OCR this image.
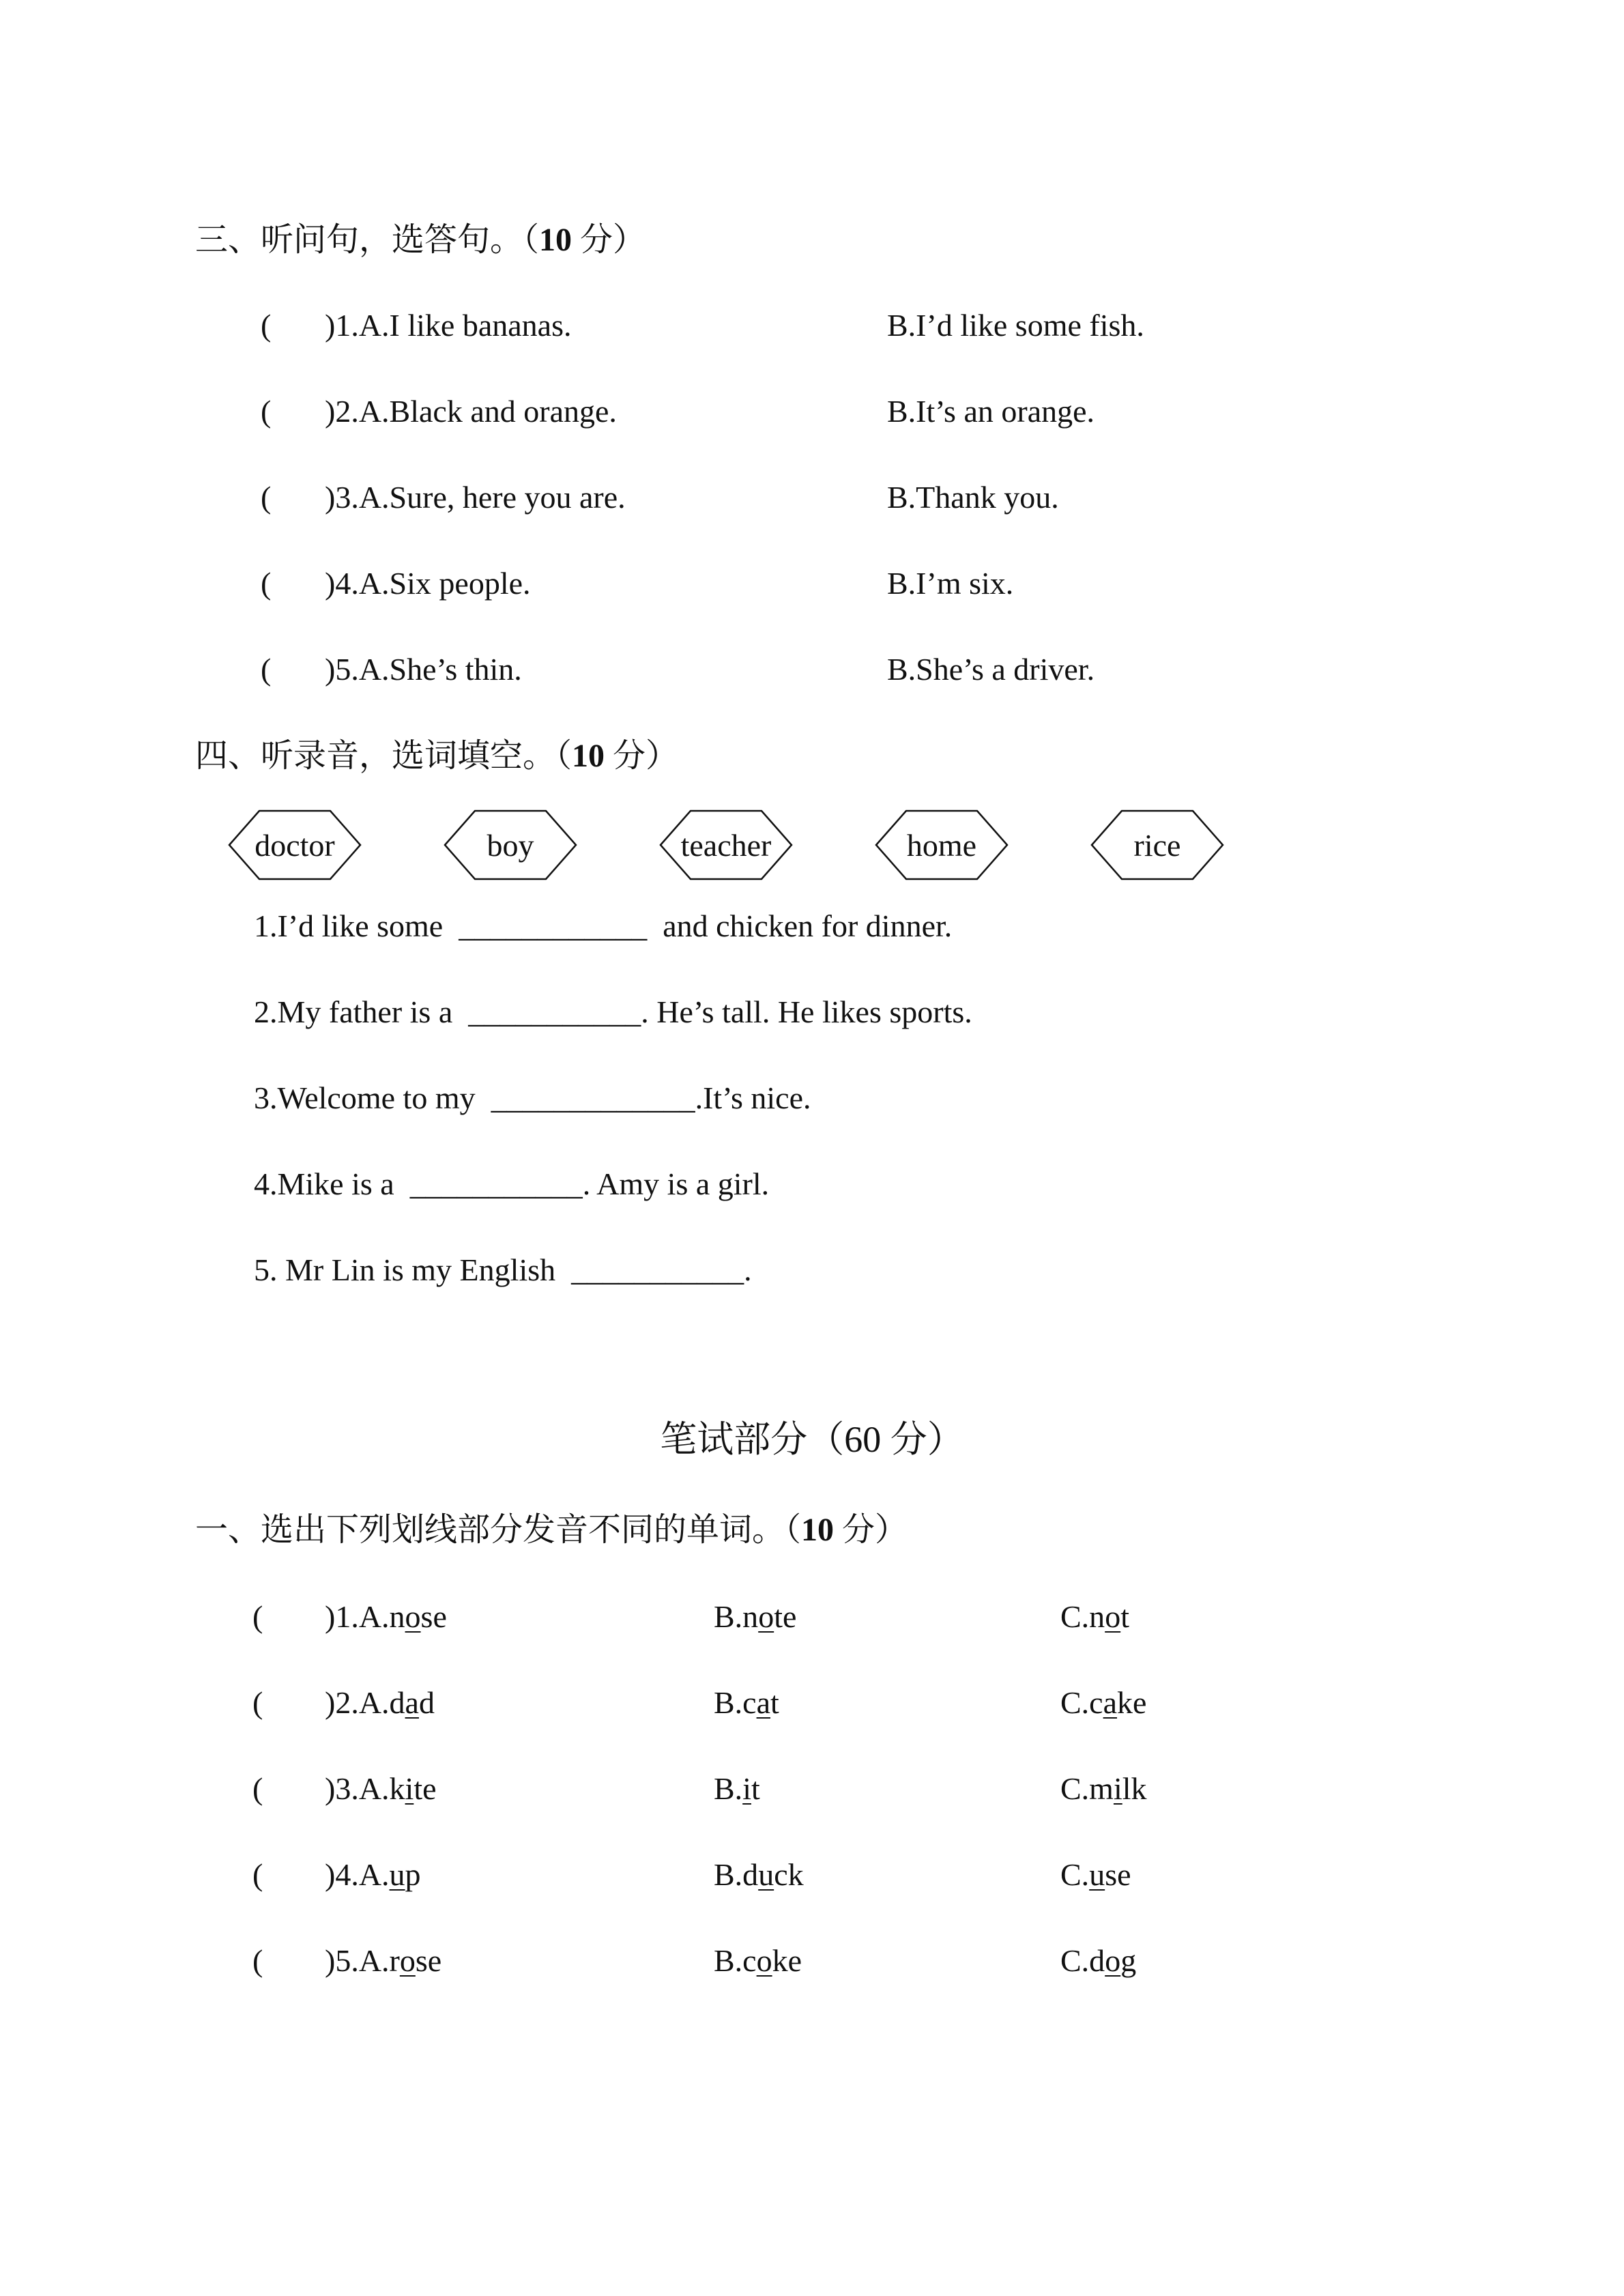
三、听问句，选答句。（10 分）
( )1.A.I like bananas.	B.I’d like some fish.
( )2.A.Black and orange.	B.It’s an orange.
( )3.A.Sure, here you are.	B.Thank you.
( )4.A.Six people.	B.I’m six.
( )5.A.She’s thin.	B.She’s a driver.
四、听录音，选词填空。（10 分）
doctor	boy	teacher	home	rice
1.I’d like some  ____________  and chicken for dinner.
2.My father is a  ___________. He’s tall. He likes sports.
3.Welcome to my  _____________.It’s nice.
4.Mike is a  ___________. Amy is a girl.
5. Mr Lin is my English  ___________.
笔试部分（60 分）
一、选出下列划线部分发音不同的单词。（10 分）
( )1.A.nose	B.note	C.not
( )2.A.dad	B.cat	C.cake
( )3.A.kite	B.it	C.milk
( )4.A.up	B.duck	C.use
( )5.A.rose	B.coke	C.dog
